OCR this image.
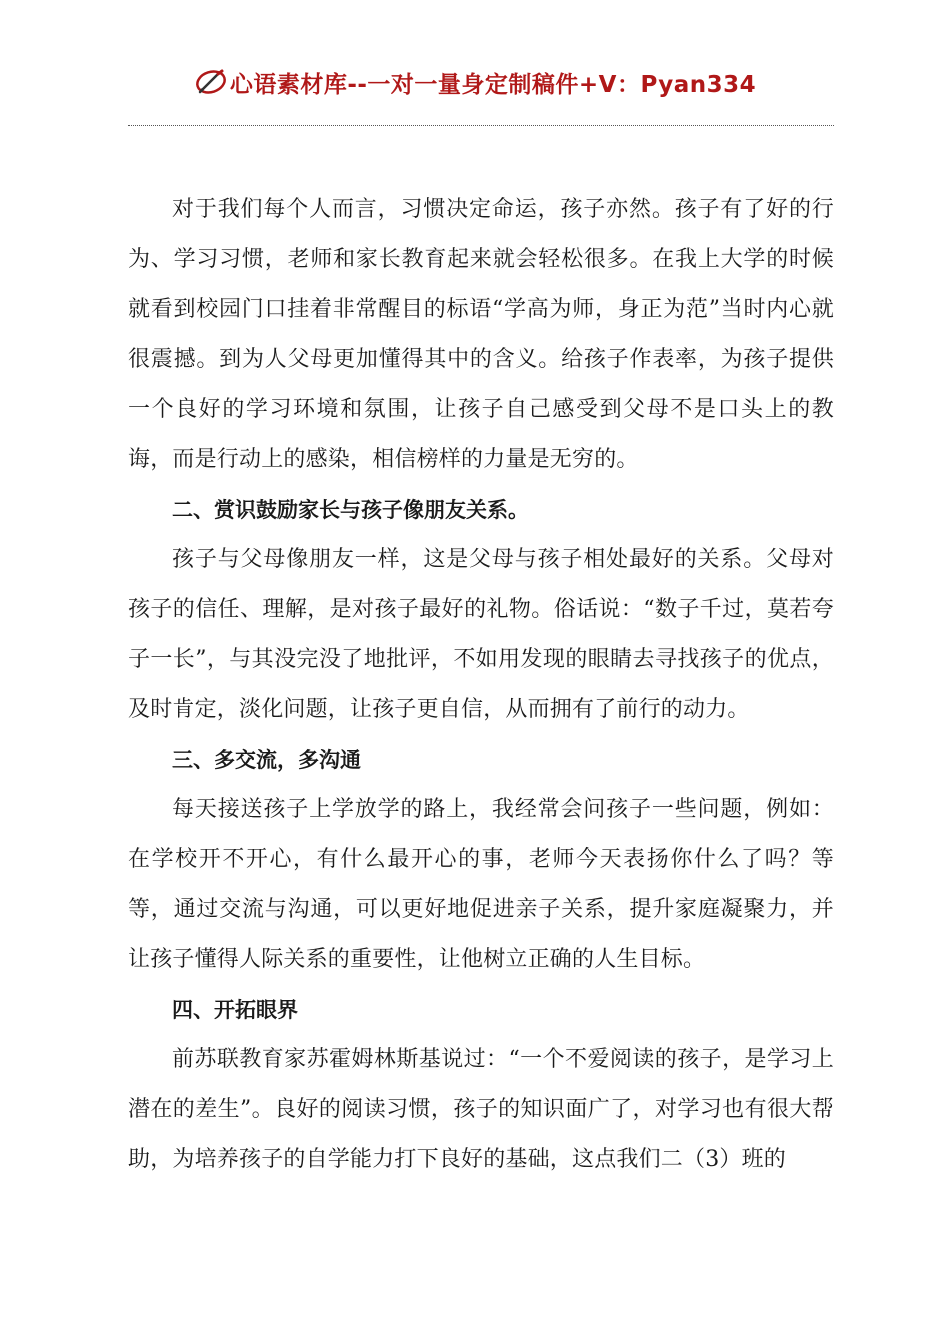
心语素材库--一对一量身定制稿件+V：Pyan334

对于我们每个人而言，习惯决定命运，孩子亦然。孩子有了好的行为、学习习惯，老师和家长教育起来就会轻松很多。在我上大学的时候就看到校园门口挂着非常醒目的标语“学高为师，身正为范”当时内心就很震撼。到为人父母更加懂得其中的含义。给孩子作表率，为孩子提供一个良好的学习环境和氛围，让孩子自己感受到父母不是口头上的教诲，而是行动上的感染，相信榜样的力量是无穷的。

二、赏识鼓励家长与孩子像朋友关系。

孩子与父母像朋友一样，这是父母与孩子相处最好的关系。父母对孩子的信任、理解，是对孩子最好的礼物。俗话说：“数子千过，莫若夸子一长”，与其没完没了地批评，不如用发现的眼睛去寻找孩子的优点，及时肯定，淡化问题，让孩子更自信，从而拥有了前行的动力。

三、多交流，多沟通

每天接送孩子上学放学的路上，我经常会问孩子一些问题，例如：在学校开不开心，有什么最开心的事，老师今天表扬你什么了吗？等等，通过交流与沟通，可以更好地促进亲子关系，提升家庭凝聚力，并让孩子懂得人际关系的重要性，让他树立正确的人生目标。

四、开拓眼界

前苏联教育家苏霍姆林斯基说过：“一个不爱阅读的孩子，是学习上潜在的差生”。良好的阅读习惯，孩子的知识面广了，对学习也有很大帮助，为培养孩子的自学能力打下良好的基础，这点我们二（3）班的
